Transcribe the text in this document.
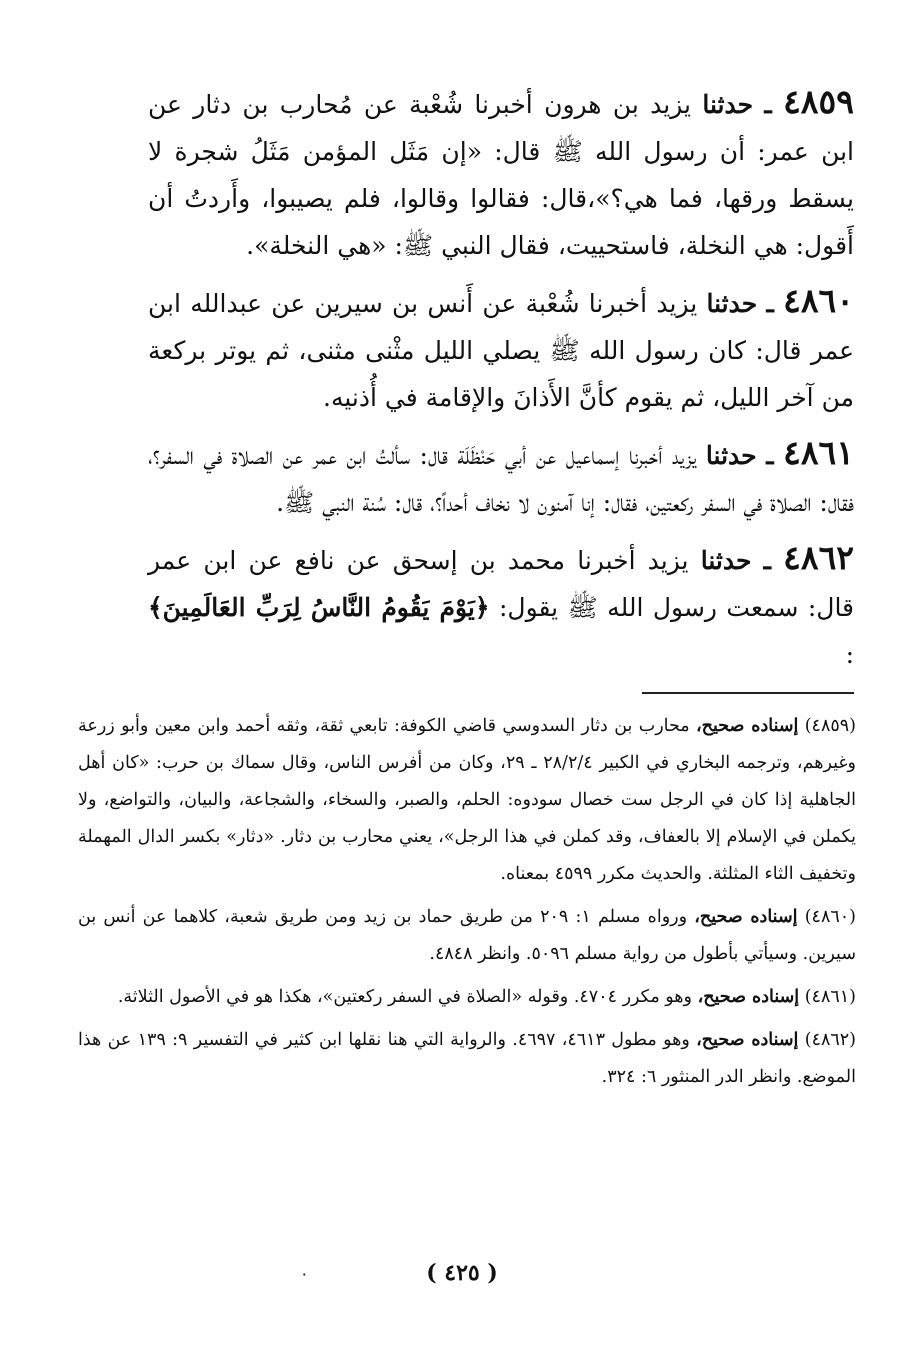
٤٨٥٩ ـ حدثنا يزيد بن هرون أخبرنا شُعْبة عن مُحارب بن دثار عن ابن عمر: أن رسول الله ﷺ قال: «إن مَثَل المؤمن مَثَلُ شجرة لا يسقط ورقها، فما هي؟»،قال: فقالوا وقالوا، فلم يصيبوا، وأَردتُ أن أَقول: هي النخلة، فاستحييت، فقال النبي ﷺ: «هي النخلة».

٤٨٦٠ ـ حدثنا يزيد أخبرنا شُعْبة عن أَنس بن سيرين عن عبدالله ابن عمر قال: كان رسول الله ﷺ يصلي الليل مثْنى مثنى، ثم يوتر بركعة من آخر الليل، ثم يقوم كأنَّ الأَذانَ والإقامة في أُذنيه.

٤٨٦١ ـ حدثنا يزيد أخبرنا إسماعيل عن أبي حَنْظَلَة قال: سألتُ ابن عمر عن الصلاة في السفر؟، فقال: الصلاة في السفر ركعتين، فقال: إنا آمنون لا نخاف أحداً؟، قال: سُنة النبي ﷺ.

٤٨٦٢ ـ حدثنا يزيد أخبرنا محمد بن إسحق عن نافع عن ابن عمر قال: سمعت رسول الله ﷺ يقول: ﴿يَوْمَ يَقُومُ النَّاسُ لِرَبِّ العَالَمِينَ﴾ :

(٤٨٥٩) إسناده صحيح، محارب بن دثار السدوسي قاضي الكوفة: تابعي ثقة، وثقه أحمد وابن معين وأبو زرعة وغيرهم، وترجمه البخاري في الكبير ٢٨/٢/٤ ـ ٢٩، وكان من أفرس الناس، وقال سماك بن حرب: «كان أهل الجاهلية إذا كان في الرجل ست خصال سودوه: الحلم، والصبر، والسخاء، والشجاعة، والبيان، والتواضع، ولا يكملن في الإسلام إلا بالعفاف، وقد كملن في هذا الرجل»، يعني محارب بن دثار. «دثار» بكسر الدال المهملة وتخفيف الثاء المثلثة. والحديث مكرر ٤٥٩٩ بمعناه.

(٤٨٦٠) إسناده صحيح، ورواه مسلم ١: ٢٠٩ من طريق حماد بن زيد ومن طريق شعبة، كلاهما عن أنس بن سيرين. وسيأتي بأطول من رواية مسلم ٥٠٩٦. وانظر ٤٨٤٨.

(٤٨٦١) إسناده صحيح، وهو مكرر ٤٧٠٤. وقوله «الصلاة في السفر ركعتين»، هكذا هو في الأصول الثلاثة.

(٤٨٦٢) إسناده صحيح، وهو مطول ٤٦١٣، ٤٦٩٧. والرواية التي هنا نقلها ابن كثير في التفسير ٩: ١٣٩ عن هذا الموضع. وانظر الدر المنثور ٦: ٣٢٤.

٠	( ٤٢٥ )
